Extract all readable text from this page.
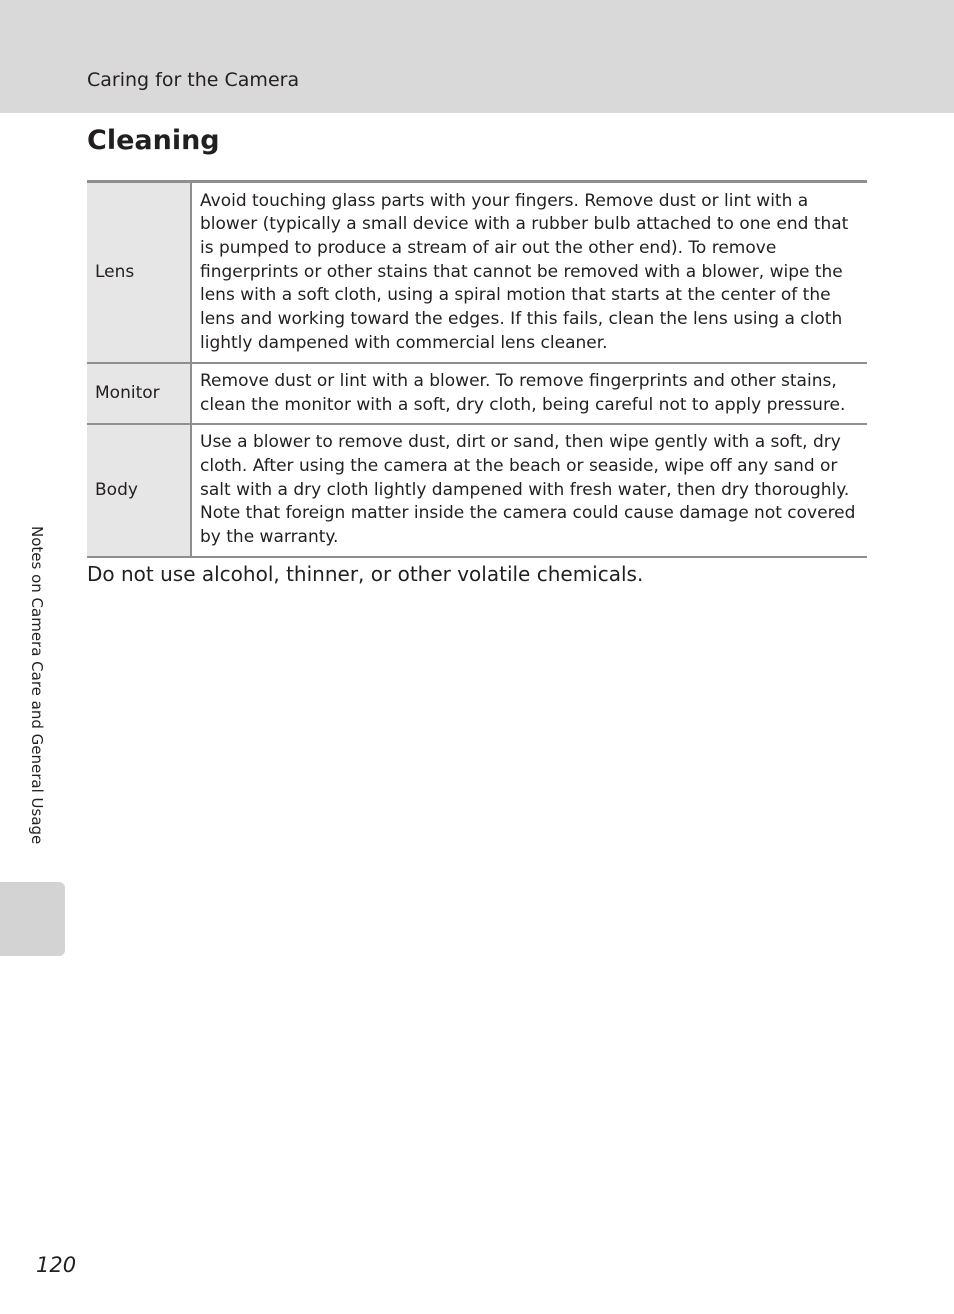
Caring for the Camera
Cleaning
Lens	Avoid touching glass parts with your fingers. Remove dust or lint with a blower (typically a small device with a rubber bulb attached to one end that is pumped to produce a stream of air out the other end). To remove fingerprints or other stains that cannot be removed with a blower, wipe the lens with a soft cloth, using a spiral motion that starts at the center of the lens and working toward the edges. If this fails, clean the lens using a cloth lightly dampened with commercial lens cleaner.

Monitor	Remove dust or lint with a blower. To remove fingerprints and other stains, clean the monitor with a soft, dry cloth, being careful not to apply pressure.

Body	Use a blower to remove dust, dirt or sand, then wipe gently with a soft, dry cloth. After using the camera at the beach or seaside, wipe off any sand or salt with a dry cloth lightly dampened with fresh water, then dry thoroughly. Note that foreign matter inside the camera could cause damage not covered by the warranty.
Do not use alcohol, thinner, or other volatile chemicals.
Notes on Camera Care and General Usage
120
